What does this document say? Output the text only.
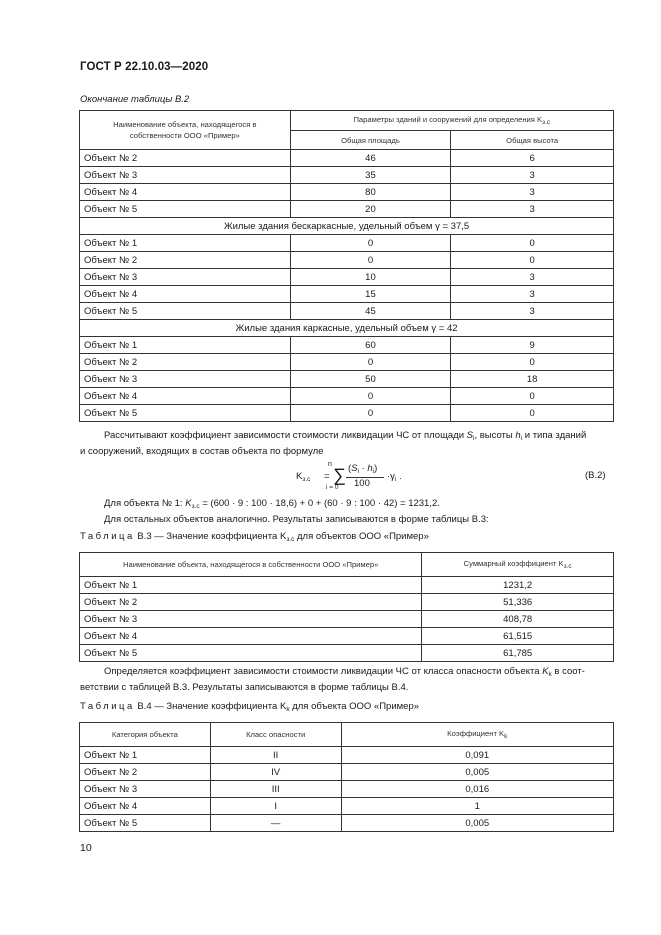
ГОСТ Р 22.10.03—2020
Окончание таблицы В.2
Наименование объекта, находящегося в собственности ООО «Пример»	Параметры зданий и сооружений для определения $K_{з.с}$
	Общая площадь	Общая высота
Объект № 2	46	6
Объект № 3	35	3
Объект № 4	80	3
Объект № 5	20	3
Жилые здания бескаркасные, удельный объем γ = 37,5		
Объект № 1	0	0
Объект № 2	0	0
Объект № 3	10	3
Объект № 4	15	3
Объект № 5	45	3
Жилые здания каркасные, удельный объем γ = 42		
Объект № 1	60	9
Объект № 2	0	0
Объект № 3	50	18
Объект № 4	0	0
Объект № 5	0	0
Рассчитывают коэффициент зависимости стоимости ликвидации ЧС от площади $S_i$, высоты $h_i$ и типа зданий
и сооружений, входящих в состав объекта по формуле
$K_{з.с}$ =
n
∑
i = 0
$(S_i \cdot h_i)$
100
$\cdot\gamma_i$ .	(В.2)
Для объекта № 1: $K_{з.с} = (600 \cdot 9$ : 100 · 18,6) + 0 + (60 · 9 : 100 · 42) = 1231,2.
Для остальных объектов аналогично. Результаты записываются в форме таблицы В.3:
Таблица В.3 — Значение коэффициента $K_{з.с}$ для объектов ООО «Пример»
Наименование объекта, находящегося в собственности ООО «Пример»	Суммарный коэффициент $K_{з.с}$
Объект № 1	1231,2
Объект № 2	51,336
Объект № 3	408,78
Объект № 4	61,515
Объект № 5	61,785
Определяется коэффициент зависимости стоимости ликвидации ЧС от класса опасности объекта $K_k$ в соот-
ветствии с таблицей В.3. Результаты записываются в форме таблицы В.4.
Таблица В.4 — Значение коэффициента $K_k$ для объекта ООО «Пример»
Категория объекта	Класс опасности	Коэффициент $K_k$
Объект № 1	II	0,091
Объект № 2	IV	0,005
Объект № 3	III	0,016
Объект № 4	I	1
Объект № 5	—	0,005
10
